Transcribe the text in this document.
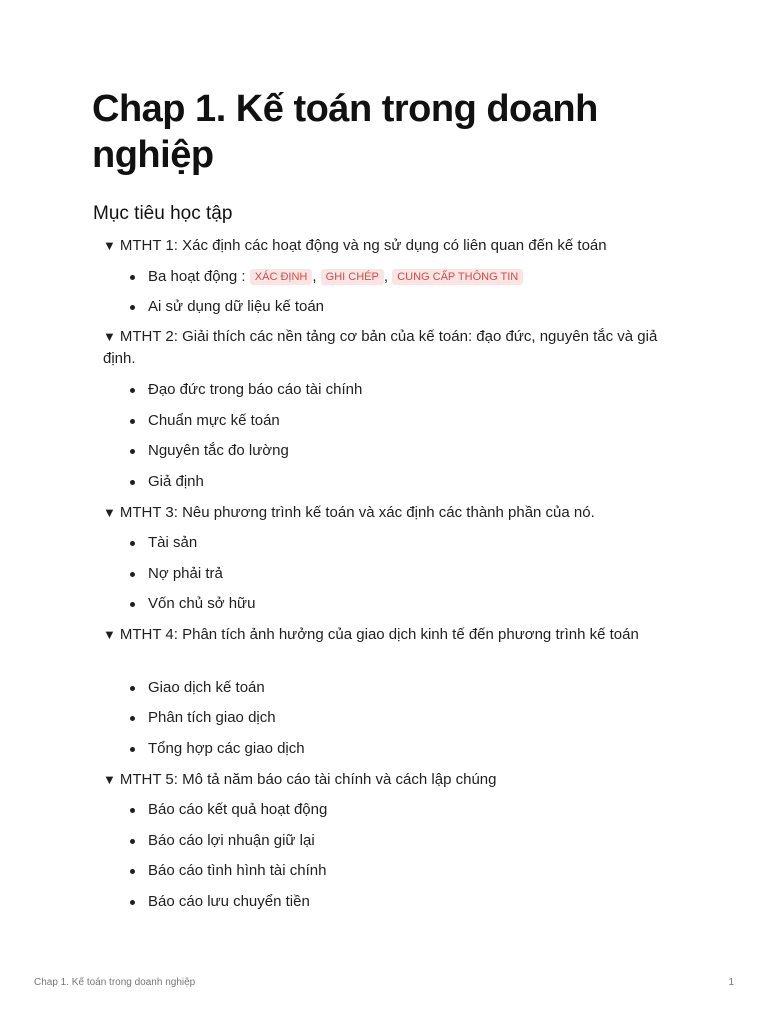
Chap 1. Kế toán trong doanh nghiệp
Mục tiêu học tập
▼ MTHT 1: Xác định các hoạt động và ng sử dụng có liên quan đến kế toán
Ba hoạt động : XÁC ĐỊNH , GHI CHÉP , CUNG CẤP THÔNG TIN
Ai sử dụng dữ liệu kế toán
▼ MTHT 2: Giải thích các nền tảng cơ bản của kế toán: đạo đức, nguyên tắc và giả định.
Đạo đức trong báo cáo tài chính
Chuẩn mực kế toán
Nguyên tắc đo lường
Giả định
▼ MTHT 3: Nêu phương trình kế toán và xác định các thành phần của nó.
Tài sản
Nợ phải trả
Vốn chủ sở hữu
▼ MTHT 4: Phân tích ảnh hưởng của giao dịch kinh tế đến phương trình kế toán
Giao dịch kế toán
Phân tích giao dịch
Tổng hợp các giao dịch
▼ MTHT 5: Mô tả năm báo cáo tài chính và cách lập chúng
Báo cáo kết quả hoạt động
Báo cáo lợi nhuận giữ lại
Báo cáo tình hình tài chính
Báo cáo lưu chuyển tiền
Chap 1. Kế toán trong doanh nghiệp	1
